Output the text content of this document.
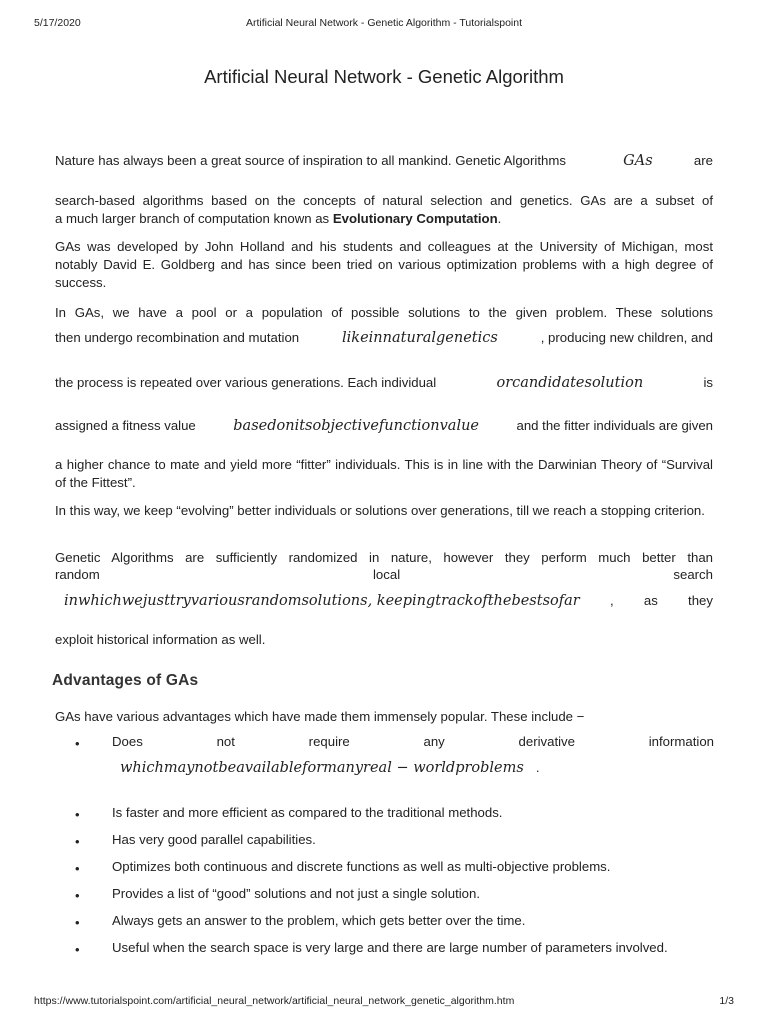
5/17/2020	Artificial Neural Network - Genetic Algorithm - Tutorialspoint
Artificial Neural Network - Genetic Algorithm
Nature has always been a great source of inspiration to all mankind. Genetic Algorithms	GAs	are
search-based algorithms based on the concepts of natural selection and genetics. GAs are a subset of
a much larger branch of computation known as Evolutionary Computation.
GAs was developed by John Holland and his students and colleagues at the University of Michigan, most notably David E. Goldberg and has since been tried on various optimization problems with a high degree of success.
In GAs, we have a pool or a population of possible solutions to the given problem. These solutions
then undergo recombination and mutation	likeinnaturalgenetics	, producing new children, and
the process is repeated over various generations. Each individual	orcandidatesolution	is
assigned a fitness value	basedonitsobjectivefunctionvalue	and the fitter individuals are given
a higher chance to mate and yield more “fitter” individuals. This is in line with the Darwinian Theory of “Survival of the Fittest”.
In this way, we keep “evolving” better individuals or solutions over generations, till we reach a stopping criterion.
Genetic Algorithms are sufficiently randomized in nature, however they perform much better than
random	local	search
inwhichwejusttryvariousrandomsolutions, keepingtrackofthebestsofar , as they
exploit historical information as well.
Advantages of GAs
GAs have various advantages which have made them immensely popular. These include −
• Does	not	require	any	derivative	information
whichmaynotbeavailableformanyreal − worldproblems .
• Is faster and more efficient as compared to the traditional methods.
• Has very good parallel capabilities.
• Optimizes both continuous and discrete functions as well as multi-objective problems.
• Provides a list of “good” solutions and not just a single solution.
• Always gets an answer to the problem, which gets better over the time.
• Useful when the search space is very large and there are large number of parameters involved.
https://www.tutorialspoint.com/artificial_neural_network/artificial_neural_network_genetic_algorithm.htm	1/3
